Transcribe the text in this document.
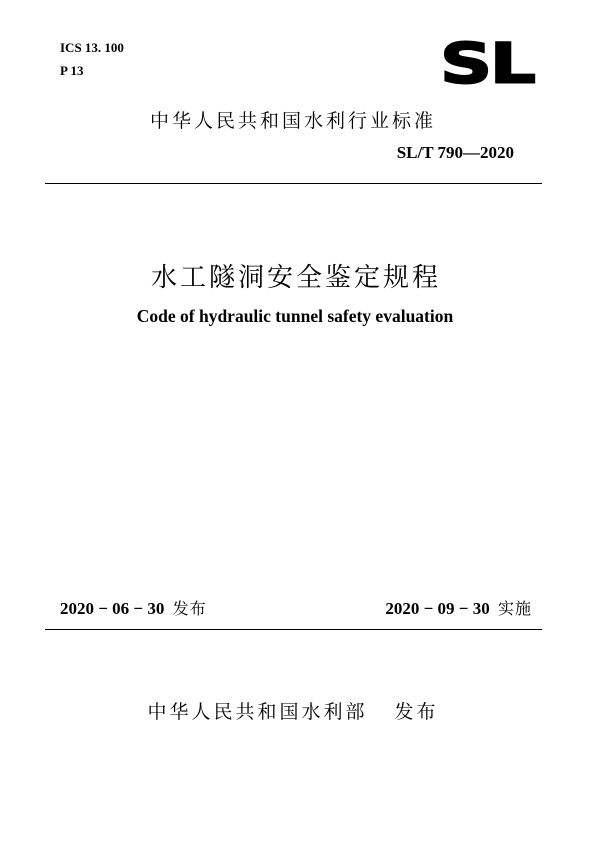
ICS 13. 100
P 13	SL
中华人民共和国水利行业标准
SL/T 790—2020
水工隧洞安全鉴定规程
Code of hydraulic tunnel safety evaluation
2020 − 06 − 30 发布	2020 − 09 − 30 实施
中华人民共和国水利部   发布
